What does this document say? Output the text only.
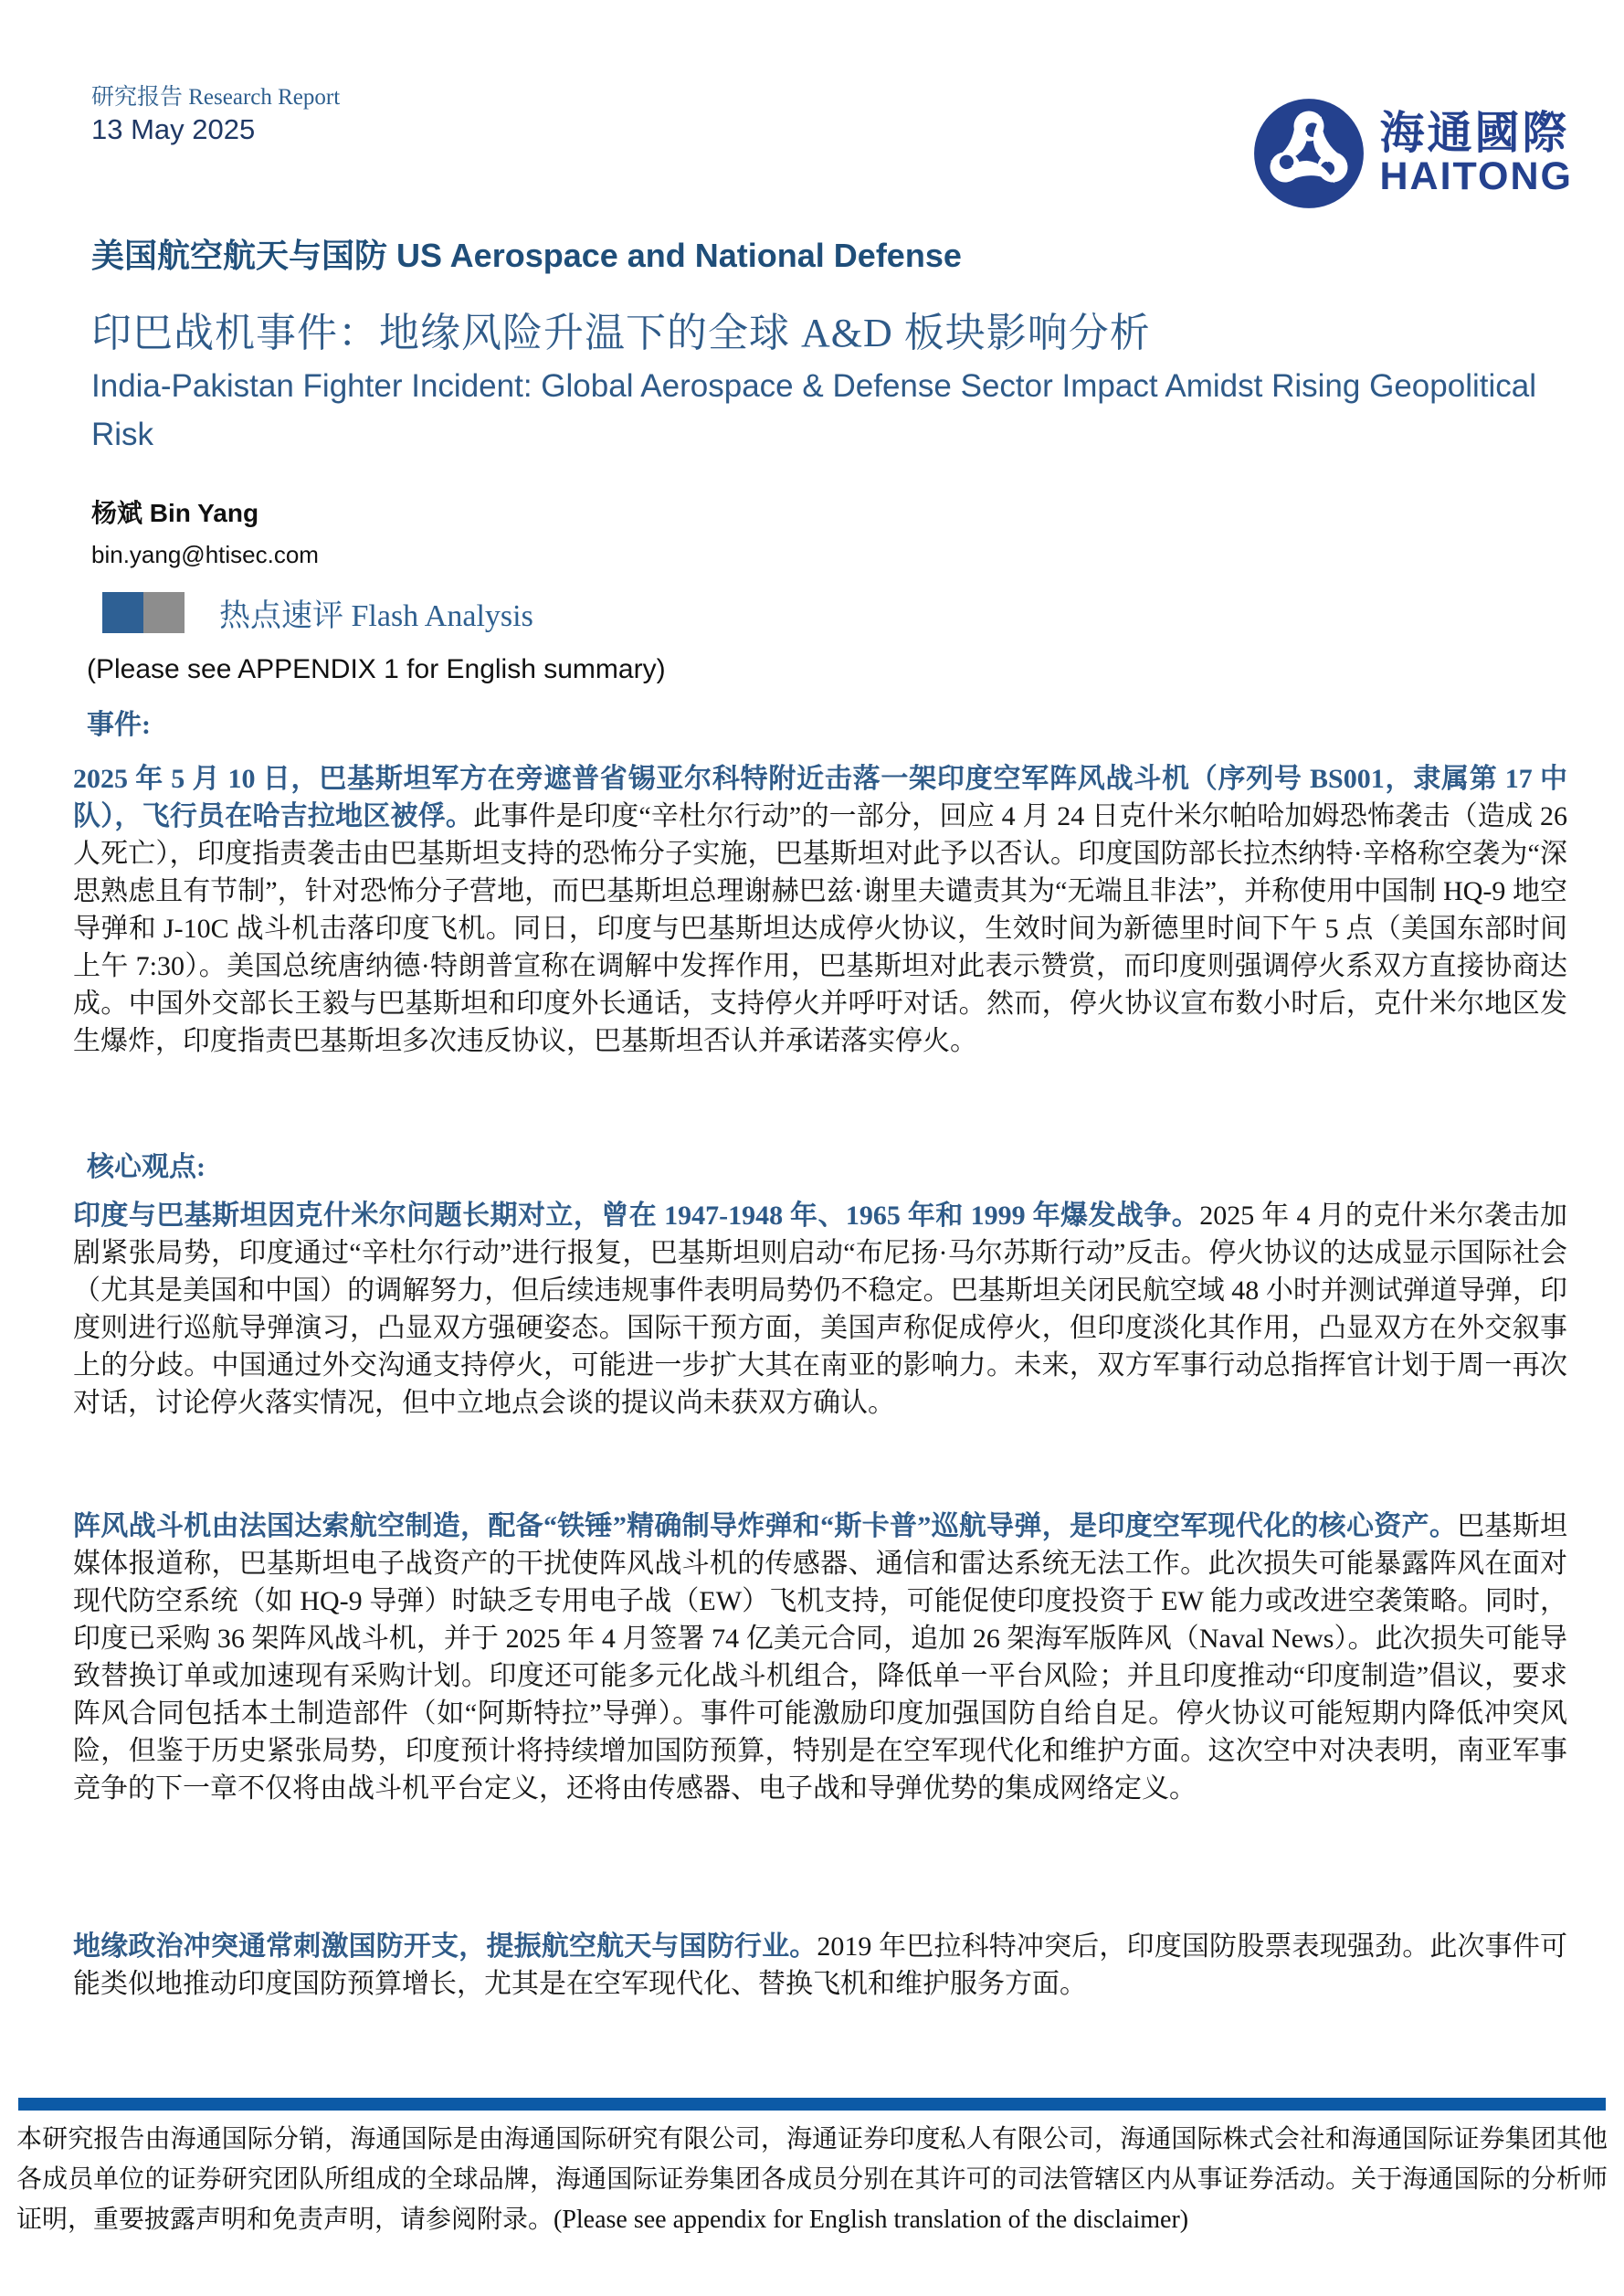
研究报告 Research Report
13 May 2025	海通國際
HAITONG
美国航空航天与国防 US Aerospace and National Defense
印巴战机事件：地缘风险升温下的全球 A&D 板块影响分析
India-Pakistan Fighter Incident: Global Aerospace & Defense Sector Impact Amidst Rising Geopolitical Risk
杨斌 Bin Yang
bin.yang@htisec.com
热点速评 Flash Analysis
(Please see APPENDIX 1 for English summary)
事件:

2025 年 5 月 10 日，巴基斯坦军方在旁遮普省锡亚尔科特附近击落一架印度空军阵风战斗机（序列号 BS001，隶属第 17 中队），飞行员在哈吉拉地区被俘。此事件是印度“辛杜尔行动”的一部分，回应 4 月 24 日克什米尔帕哈加姆恐怖袭击（造成 26 人死亡），印度指责袭击由巴基斯坦支持的恐怖分子实施，巴基斯坦对此予以否认。印度国防部长拉杰纳特·辛格称空袭为“深思熟虑且有节制”，针对恐怖分子营地，而巴基斯坦总理谢赫巴兹·谢里夫谴责其为“无端且非法”，并称使用中国制 HQ-9 地空导弹和 J-10C 战斗机击落印度飞机。同日，印度与巴基斯坦达成停火协议，生效时间为新德里时间下午 5 点（美国东部时间上午 7:30）。美国总统唐纳德·特朗普宣称在调解中发挥作用，巴基斯坦对此表示赞赏，而印度则强调停火系双方直接协商达成。中国外交部长王毅与巴基斯坦和印度外长通话，支持停火并呼吁对话。然而，停火协议宣布数小时后，克什米尔地区发生爆炸，印度指责巴基斯坦多次违反协议，巴基斯坦否认并承诺落实停火。

核心观点:

印度与巴基斯坦因克什米尔问题长期对立，曾在 1947-1948 年、1965 年和 1999 年爆发战争。2025 年 4 月的克什米尔袭击加剧紧张局势，印度通过“辛杜尔行动”进行报复，巴基斯坦则启动“布尼扬·马尔苏斯行动”反击。停火协议的达成显示国际社会（尤其是美国和中国）的调解努力，但后续违规事件表明局势仍不稳定。巴基斯坦关闭民航空域 48 小时并测试弹道导弹，印度则进行巡航导弹演习，凸显双方强硬姿态。国际干预方面，美国声称促成停火，但印度淡化其作用，凸显双方在外交叙事上的分歧。中国通过外交沟通支持停火，可能进一步扩大其在南亚的影响力。未来，双方军事行动总指挥官计划于周一再次对话，讨论停火落实情况，但中立地点会谈的提议尚未获双方确认。

阵风战斗机由法国达索航空制造，配备“铁锤”精确制导炸弹和“斯卡普”巡航导弹，是印度空军现代化的核心资产。巴基斯坦媒体报道称，巴基斯坦电子战资产的干扰使阵风战斗机的传感器、通信和雷达系统无法工作。此次损失可能暴露阵风在面对现代防空系统（如 HQ-9 导弹）时缺乏专用电子战（EW）飞机支持，可能促使印度投资于 EW 能力或改进空袭策略。同时，印度已采购 36 架阵风战斗机，并于 2025 年 4 月签署 74 亿美元合同，追加 26 架海军版阵风（Naval News）。此次损失可能导致替换订单或加速现有采购计划。印度还可能多元化战斗机组合，降低单一平台风险；并且印度推动“印度制造”倡议，要求阵风合同包括本土制造部件（如“阿斯特拉”导弹）。事件可能激励印度加强国防自给自足。停火协议可能短期内降低冲突风险，但鉴于历史紧张局势，印度预计将持续增加国防预算，特别是在空军现代化和维护方面。这次空中对决表明，南亚军事竞争的下一章不仅将由战斗机平台定义，还将由传感器、电子战和导弹优势的集成网络定义。

地缘政治冲突通常刺激国防开支，提振航空航天与国防行业。2019 年巴拉科特冲突后，印度国防股票表现强劲。此次事件可能类似地推动印度国防预算增长，尤其是在空军现代化、替换飞机和维护服务方面。

本研究报告由海通国际分销，海通国际是由海通国际研究有限公司，海通证券印度私人有限公司，海通国际株式会社和海通国际证券集团其他各成员单位的证券研究团队所组成的全球品牌，海通国际证券集团各成员分别在其许可的司法管辖区内从事证券活动。关于海通国际的分析师证明，重要披露声明和免责声明，请参阅附录。(Please see appendix for English translation of the disclaimer)
